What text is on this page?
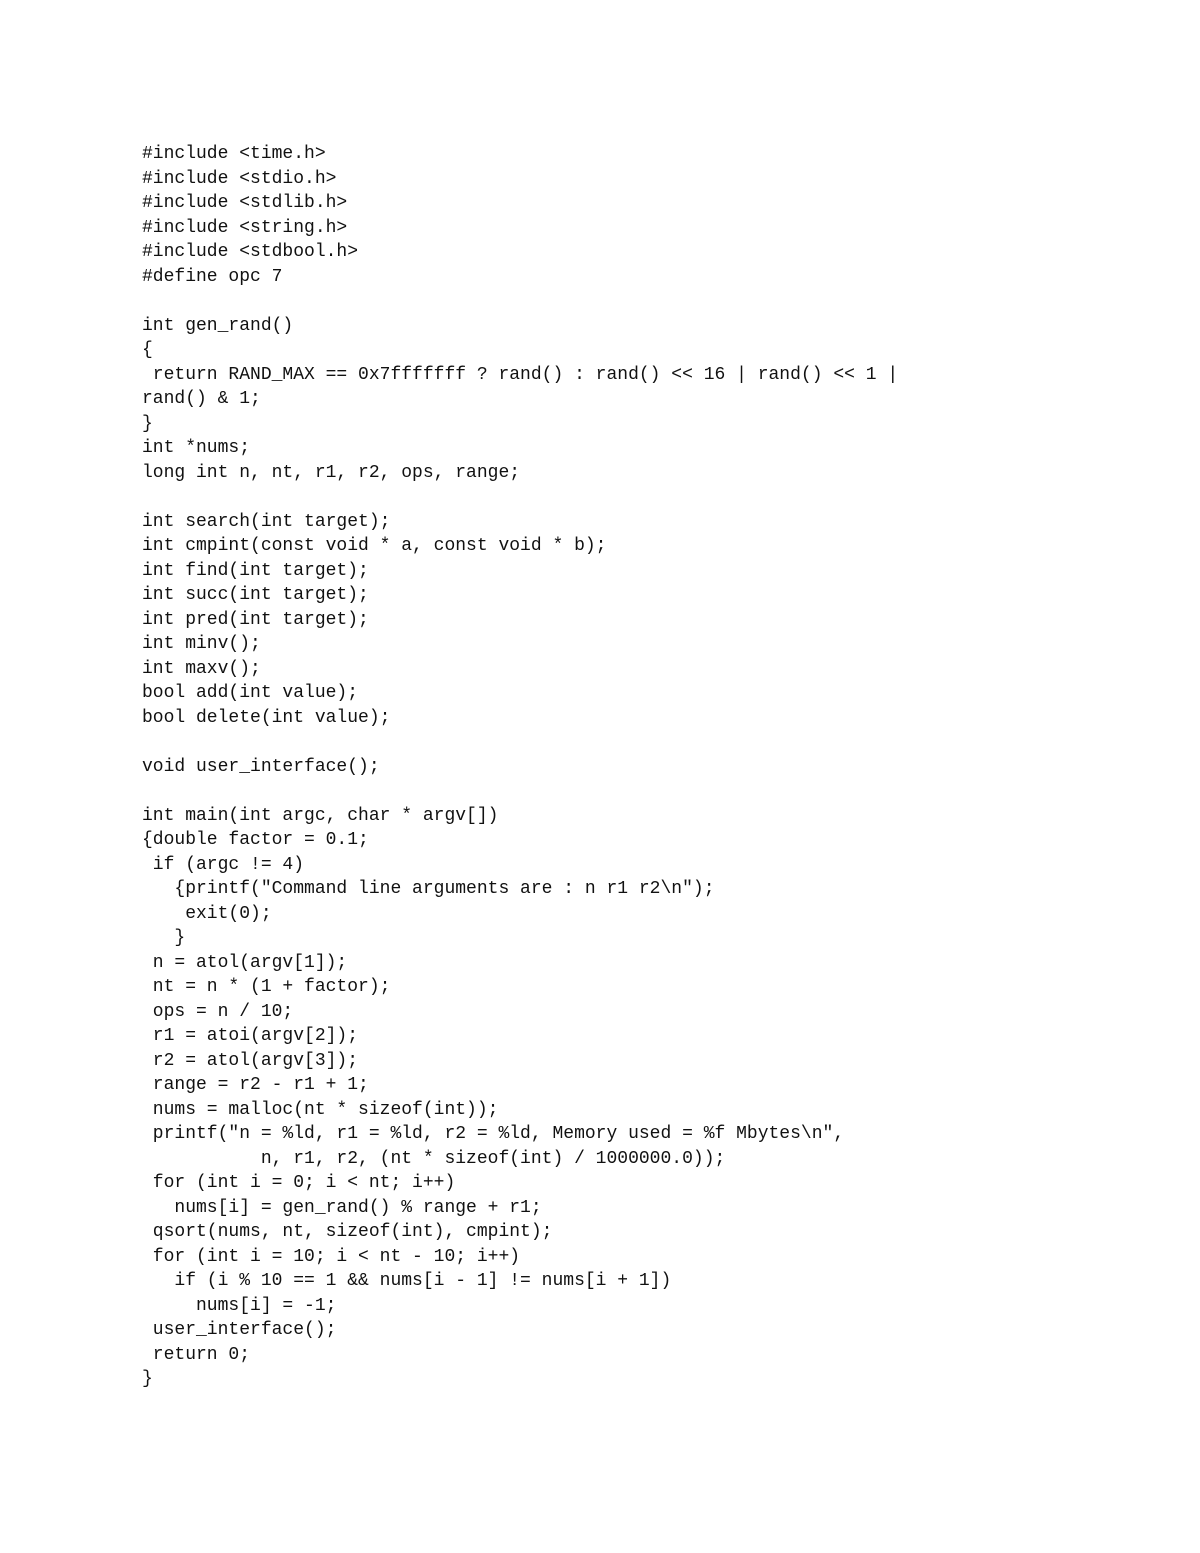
#include <time.h>
#include <stdio.h>
#include <stdlib.h>
#include <string.h>
#include <stdbool.h>
#define opc 7
int gen_rand()
{
return RAND_MAX == 0x7fffffff ? rand() : rand() << 16 | rand() << 1 |
rand() & 1;
}
int *nums;
long int n, nt, r1, r2, ops, range;
int search(int target);
int cmpint(const void * a, const void * b);
int find(int target);
int succ(int target);
int pred(int target);
int minv();
int maxv();
bool add(int value);
bool delete(int value);
void user_interface();
int main(int argc, char * argv[])
{double factor = 0.1;
if (argc != 4)
{printf("Command line arguments are : n r1 r2\n");
exit(0);
}
n = atol(argv[1]);
nt = n * (1 + factor);
ops = n / 10;
r1 = atoi(argv[2]);
r2 = atol(argv[3]);
range = r2 - r1 + 1;
nums = malloc(nt * sizeof(int));
printf("n = %ld, r1 = %ld, r2 = %ld, Memory used = %f Mbytes\n",
n, r1, r2, (nt * sizeof(int) / 1000000.0));
for (int i = 0; i < nt; i++)
nums[i] = gen_rand() % range + r1;
qsort(nums, nt, sizeof(int), cmpint);
for (int i = 10; i < nt - 10; i++)
if (i % 10 == 1 && nums[i - 1] != nums[i + 1])
nums[i] = -1;
user_interface();
return 0;
}
